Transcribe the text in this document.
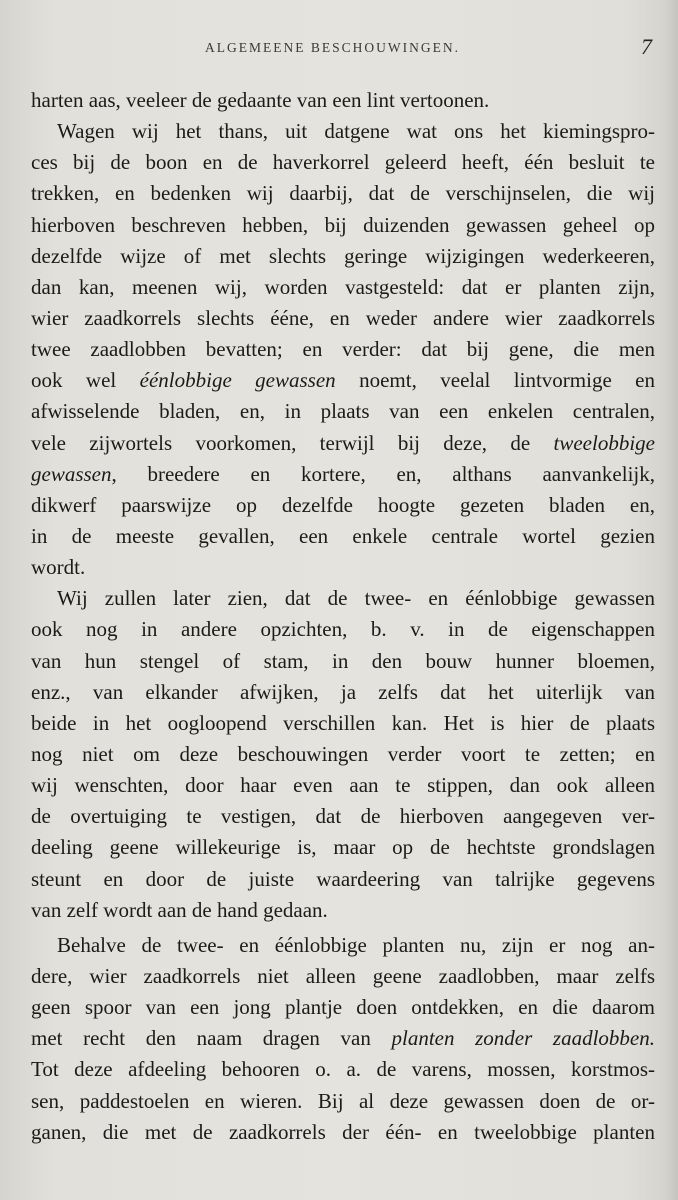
ALGEMEENE BESCHOUWINGEN.	7
harten aas, veeleer de gedaante van een lint vertoonen.
Wagen wij het thans, uit datgene wat ons het kiemingspro-
ces bij de boon en de haverkorrel geleerd heeft, één besluit te
trekken, en bedenken wij daarbij, dat de verschijnselen, die wij
hierboven beschreven hebben, bij duizenden gewassen geheel op
dezelfde wijze of met slechts geringe wijzigingen wederkeeren,
dan kan, meenen wij, worden vastgesteld: dat er planten zijn,
wier zaadkorrels slechts ééne, en weder andere wier zaadkorrels
twee zaadlobben bevatten; en verder: dat bij gene, die men
ook wel éénlobbige gewassen noemt, veelal lintvormige en
afwisselende bladen, en, in plaats van een enkelen centralen,
vele zijwortels voorkomen, terwijl bij deze, de tweelobbige
gewassen, breedere en kortere, en, althans aanvankelijk,
dikwerf paarswijze op dezelfde hoogte gezeten bladen en,
in de meeste gevallen, een enkele centrale wortel gezien
wordt.
Wij zullen later zien, dat de twee- en éénlobbige gewassen
ook nog in andere opzichten, b. v. in de eigenschappen
van hun stengel of stam, in den bouw hunner bloemen,
enz., van elkander afwijken, ja zelfs dat het uiterlijk van
beide in het oogloopend verschillen kan. Het is hier de plaats
nog niet om deze beschouwingen verder voort te zetten; en
wij wenschten, door haar even aan te stippen, dan ook alleen
de overtuiging te vestigen, dat de hierboven aangegeven ver-
deeling geene willekeurige is, maar op de hechtste grondslagen
steunt en door de juiste waardeering van talrijke gegevens
van zelf wordt aan de hand gedaan.
Behalve de twee- en éénlobbige planten nu, zijn er nog an-
dere, wier zaadkorrels niet alleen geene zaadlobben, maar zelfs
geen spoor van een jong plantje doen ontdekken, en die daarom
met recht den naam dragen van planten zonder zaadlobben.
Tot deze afdeeling behooren o. a. de varens, mossen, korstmos-
sen, paddestoelen en wieren. Bij al deze gewassen doen de or-
ganen, die met de zaadkorrels der één- en tweelobbige planten
